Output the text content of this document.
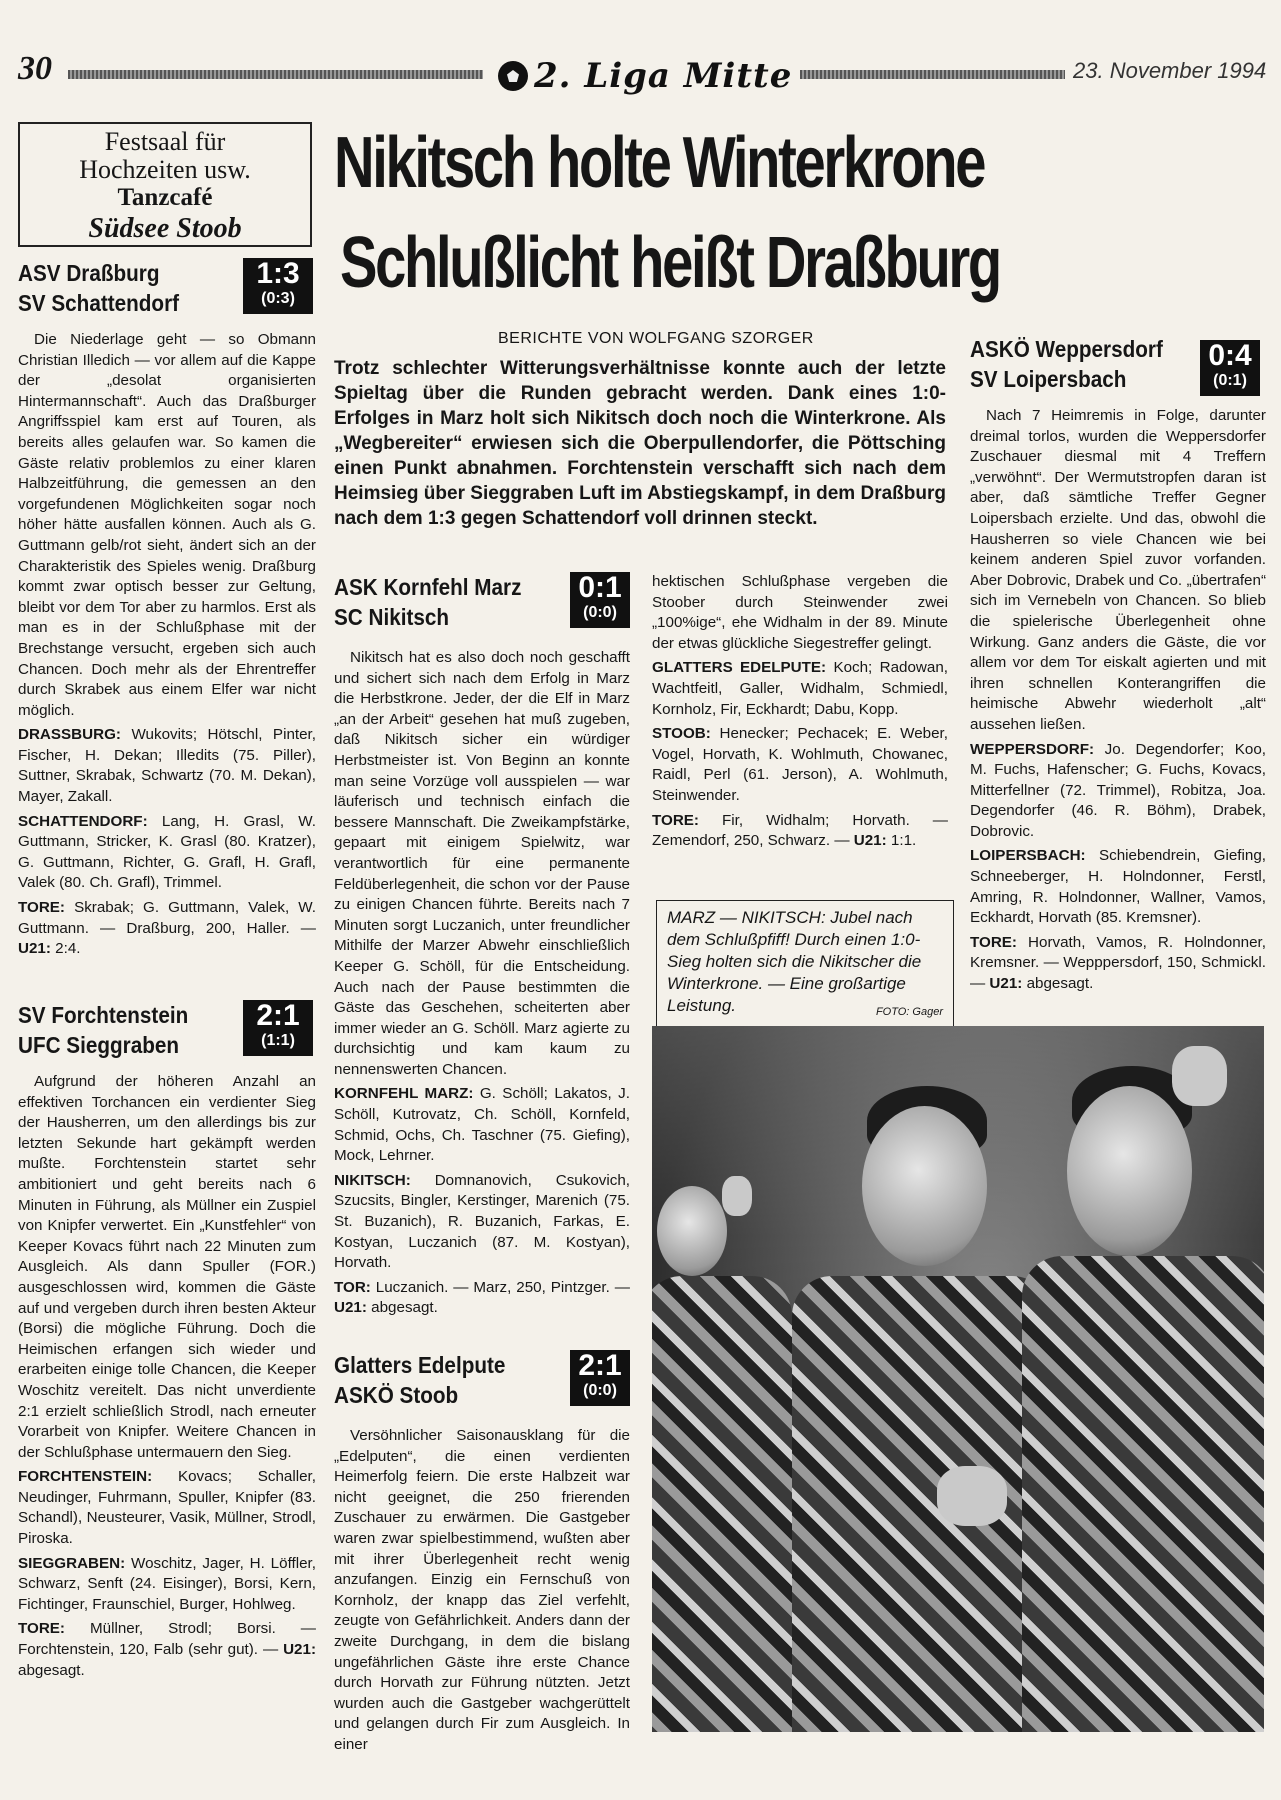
30	2. Liga Mitte	23. November 1994
Festsaal für
Hochzeiten usw.
Tanzcafé
Südsee Stoob
Nikitsch holte Winterkrone
Schlußlicht heißt Draßburg
BERICHTE VON WOLFGANG SZORGER
Trotz schlechter Witterungsverhältnisse konnte auch der letzte Spieltag über die Runden gebracht werden. Dank eines 1:0-Erfolges in Marz holt sich Nikitsch doch noch die Winterkrone. Als „Wegbereiter“ erwiesen sich die Oberpullendorfer, die Pöttsching einen Punkt abnahmen. Forchtenstein verschafft sich nach dem Heimsieg über Sieggraben Luft im Abstiegskampf, in dem Draßburg nach dem 1:3 gegen Schattendorf voll drinnen steckt.
ASV Draßburg
SV Schattendorf
1:3
(0:3)

Die Niederlage geht — so Obmann Christian Illedich — vor allem auf die Kappe der „desolat organisierten Hintermannschaft“. Auch das Draßburger Angriffsspiel kam erst auf Touren, als bereits alles gelaufen war. So kamen die Gäste relativ problemlos zu einer klaren Halbzeitführung, die gemessen an den vorgefundenen Möglichkeiten sogar noch höher hätte ausfallen können. Auch als G. Guttmann gelb/rot sieht, ändert sich an der Charakteristik des Spieles wenig. Draßburg kommt zwar optisch besser zur Geltung, bleibt vor dem Tor aber zu harmlos. Erst als man es in der Schlußphase mit der Brechstange versucht, ergeben sich auch Chancen. Doch mehr als der Ehrentreffer durch Skrabek aus einem Elfer war nicht möglich.

DRASSBURG: Wukovits; Hötschl, Pinter, Fischer, H. Dekan; Illedits (75. Piller), Suttner, Skrabak, Schwartz (70. M. Dekan), Mayer, Zakall.

SCHATTENDORF: Lang, H. Grasl, W. Guttmann, Stricker, K. Grasl (80. Kratzer), G. Guttmann, Richter, G. Grafl, H. Grafl, Valek (80. Ch. Grafl), Trimmel.

TORE: Skrabak; G. Guttmann, Valek, W. Guttmann. — Draßburg, 200, Haller. — U21: 2:4.

SV Forchtenstein
UFC Sieggraben
2:1
(1:1)

Aufgrund der höheren Anzahl an effektiven Torchancen ein verdienter Sieg der Hausherren, um den allerdings bis zur letzten Sekunde hart gekämpft werden mußte. Forchtenstein startet sehr ambitioniert und geht bereits nach 6 Minuten in Führung, als Müllner ein Zuspiel von Knipfer verwertet. Ein „Kunstfehler“ von Keeper Kovacs führt nach 22 Minuten zum Ausgleich. Als dann Spuller (FOR.) ausgeschlossen wird, kommen die Gäste auf und vergeben durch ihren besten Akteur (Borsi) die mögliche Führung. Doch die Heimischen erfangen sich wieder und erarbeiten einige tolle Chancen, die Keeper Woschitz vereitelt. Das nicht unverdiente 2:1 erzielt schließlich Strodl, nach erneuter Vorarbeit von Knipfer. Weitere Chancen in der Schlußphase untermauern den Sieg.

FORCHTENSTEIN: Kovacs; Schaller, Neudinger, Fuhrmann, Spuller, Knipfer (83. Schandl), Neusteurer, Vasik, Müllner, Strodl, Piroska.

SIEGGRABEN: Woschitz, Jager, H. Löffler, Schwarz, Senft (24. Eisinger), Borsi, Kern, Fichtinger, Fraunschiel, Burger, Hohlweg.

TORE: Müllner, Strodl; Borsi. — Forchtenstein, 120, Falb (sehr gut). — U21: abgesagt.

ASK Kornfehl Marz
SC Nikitsch
0:1
(0:0)

Nikitsch hat es also doch noch geschafft und sichert sich nach dem Erfolg in Marz die Herbstkrone. Jeder, der die Elf in Marz „an der Arbeit“ gesehen hat muß zugeben, daß Nikitsch sicher ein würdiger Herbstmeister ist. Von Beginn an konnte man seine Vorzüge voll ausspielen — war läuferisch und technisch einfach die bessere Mannschaft. Die Zweikampfstärke, gepaart mit einigem Spielwitz, war verantwortlich für eine permanente Feldüberlegenheit, die schon vor der Pause zu einigen Chancen führte. Bereits nach 7 Minuten sorgt Luczanich, unter freundlicher Mithilfe der Marzer Abwehr einschließlich Keeper G. Schöll, für die Entscheidung. Auch nach der Pause bestimmten die Gäste das Geschehen, scheiterten aber immer wieder an G. Schöll. Marz agierte zu durchsichtig und kam kaum zu nennenswerten Chancen.

KORNFEHL MARZ: G. Schöll; Lakatos, J. Schöll, Kutrovatz, Ch. Schöll, Kornfeld, Schmid, Ochs, Ch. Taschner (75. Giefing), Mock, Lehrner.

NIKITSCH: Domnanovich, Csukovich, Szucsits, Bingler, Kerstinger, Marenich (75. St. Buzanich), R. Buzanich, Farkas, E. Kostyan, Luczanich (87. M. Kostyan), Horvath.

TOR: Luczanich. — Marz, 250, Pintzger. — U21: abgesagt.

Glatters Edelpute
ASKÖ Stoob
2:1
(0:0)

Versöhnlicher Saisonausklang für die „Edelputen“, die einen verdienten Heimerfolg feiern. Die erste Halbzeit war nicht geeignet, die 250 frierenden Zuschauer zu erwärmen. Die Gastgeber waren zwar spielbestimmend, wußten aber mit ihrer Überlegenheit recht wenig anzufangen. Einzig ein Fernschuß von Kornholz, der knapp das Ziel verfehlt, zeugte von Gefährlichkeit. Anders dann der zweite Durchgang, in dem die bislang ungefährlichen Gäste ihre erste Chance durch Horvath zur Führung nützten. Jetzt wurden auch die Gastgeber wachgerüttelt und gelangen durch Fir zum Ausgleich. In einer

hektischen Schlußphase vergeben die Stoober durch Steinwender zwei „100%ige“, ehe Widhalm in der 89. Minute der etwas glückliche Siegestreffer gelingt.

GLATTERS EDELPUTE: Koch; Radowan, Wachtfeitl, Galler, Widhalm, Schmiedl, Kornholz, Fir, Eckhardt; Dabu, Kopp.

STOOB: Henecker; Pechacek; E. Weber, Vogel, Horvath, K. Wohlmuth, Chowanec, Raidl, Perl (61. Jerson), A. Wohlmuth, Steinwender.

TORE: Fir, Widhalm; Horvath. — Zemendorf, 250, Schwarz. — U21: 1:1.

MARZ — NIKITSCH: Jubel nach dem Schlußpfiff! Durch einen 1:0-Sieg holten sich die Nikitscher die Winterkrone. — Eine großartige Leistung.	FOTO: Gager
ASKÖ Weppersdorf
SV Loipersbach
0:4
(0:1)

Nach 7 Heimremis in Folge, darunter dreimal torlos, wurden die Weppersdorfer Zuschauer diesmal mit 4 Treffern „verwöhnt“. Der Wermutstropfen daran ist aber, daß sämtliche Treffer Gegner Loipersbach erzielte. Und das, obwohl die Hausherren so viele Chancen wie bei keinem anderen Spiel zuvor vorfanden. Aber Dobrovic, Drabek und Co. „übertrafen“ sich im Vernebeln von Chancen. So blieb die spielerische Überlegenheit ohne Wirkung. Ganz anders die Gäste, die vor allem vor dem Tor eiskalt agierten und mit ihren schnellen Konterangriffen die heimische Abwehr wiederholt „alt“ aussehen ließen.

WEPPERSDORF: Jo. Degendorfer; Koo, M. Fuchs, Hafenscher; G. Fuchs, Kovacs, Mitterfellner (72. Trimmel), Robitza, Joa. Degendorfer (46. R. Böhm), Drabek, Dobrovic.

LOIPERSBACH: Schiebendrein, Giefing, Schneeberger, H. Holndonner, Ferstl, Amring, R. Holndonner, Wallner, Vamos, Eckhardt, Horvath (85. Kremsner).

TORE: Horvath, Vamos, R. Holndonner, Kremsner. — Wepppersdorf, 150, Schmickl. — U21: abgesagt.
